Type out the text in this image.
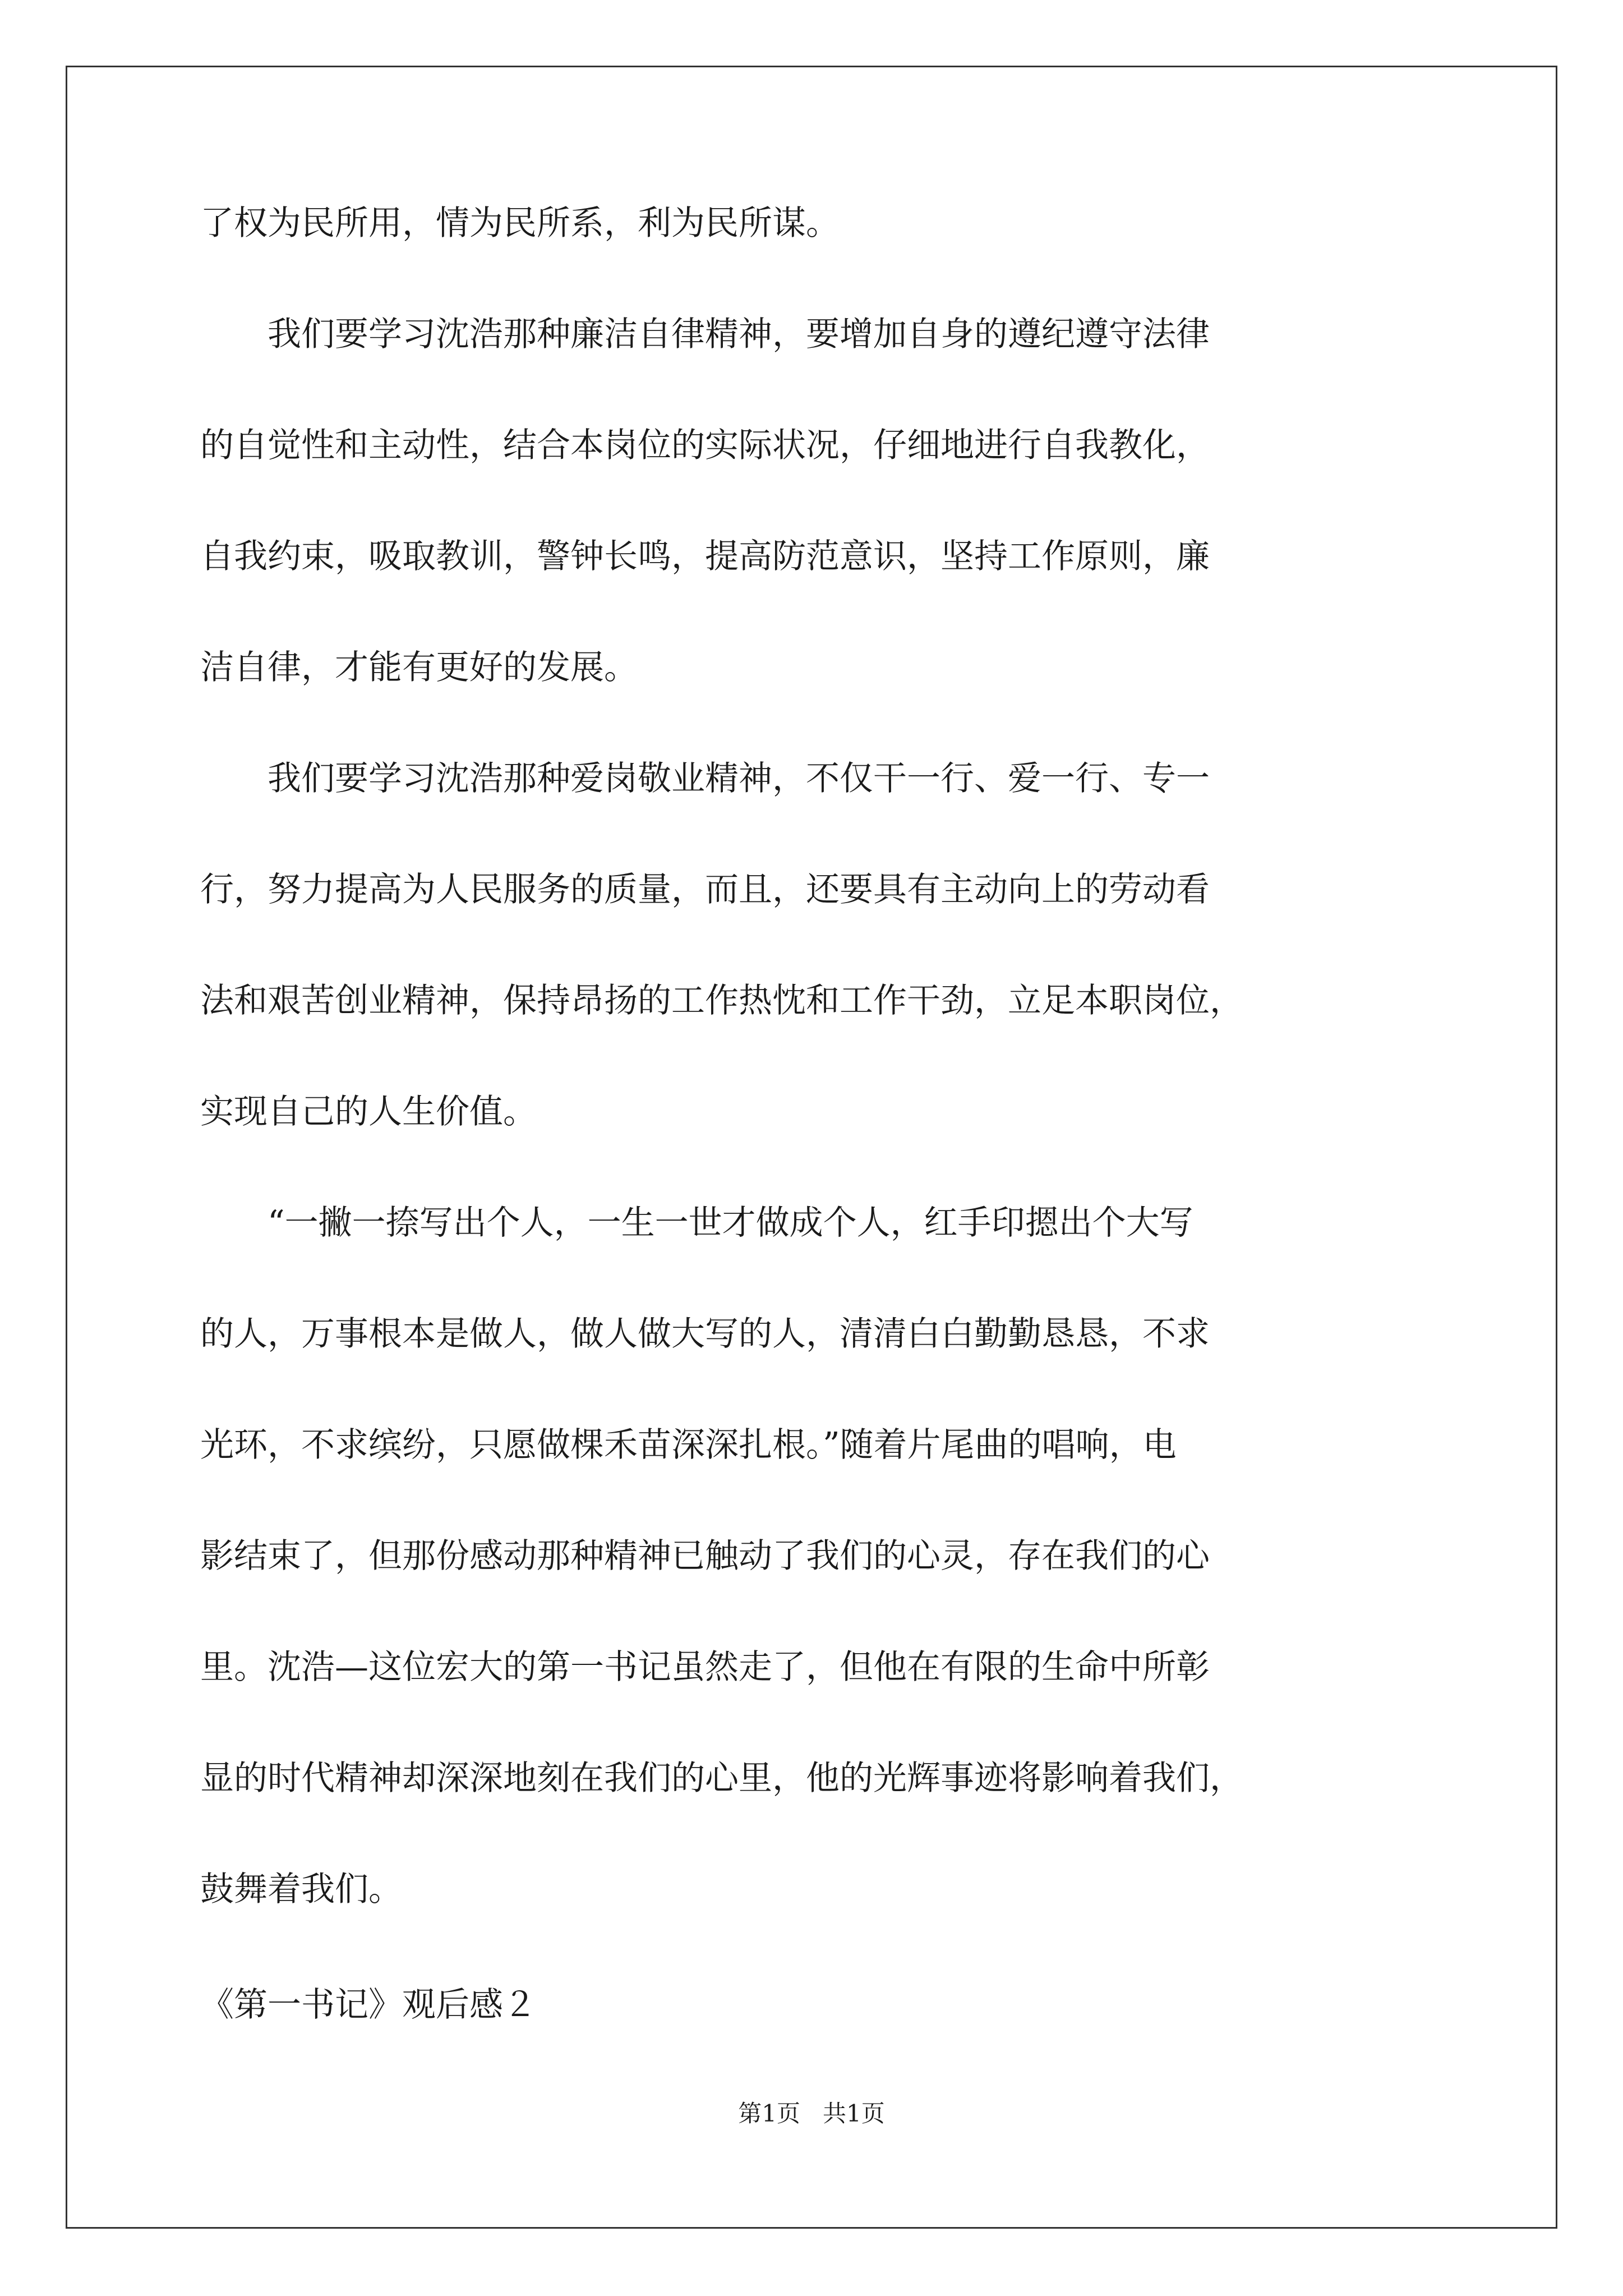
了权为民所用，情为民所系，利为民所谋。
　　我们要学习沈浩那种廉洁自律精神，要增加自身的遵纪遵守法律
的自觉性和主动性，结合本岗位的实际状况，仔细地进行自我教化，
自我约束，吸取教训，警钟长鸣，提高防范意识，坚持工作原则，廉
洁自律，才能有更好的发展。
　　我们要学习沈浩那种爱岗敬业精神，不仅干一行、爱一行、专一
行，努力提高为人民服务的质量，而且，还要具有主动向上的劳动看
法和艰苦创业精神，保持昂扬的工作热忱和工作干劲，立足本职岗位，
实现自己的人生价值。
　　“一撇一捺写出个人，一生一世才做成个人，红手印摁出个大写
的人，万事根本是做人，做人做大写的人，清清白白勤勤恳恳，不求
光环，不求缤纷，只愿做棵禾苗深深扎根。”随着片尾曲的唱响，电
影结束了，但那份感动那种精神已触动了我们的心灵，存在我们的心
里。沈浩—这位宏大的第一书记虽然走了，但他在有限的生命中所彰
显的时代精神却深深地刻在我们的心里，他的光辉事迹将影响着我们，
鼓舞着我们。
《第一书记》观后感２
第1页   共1页
